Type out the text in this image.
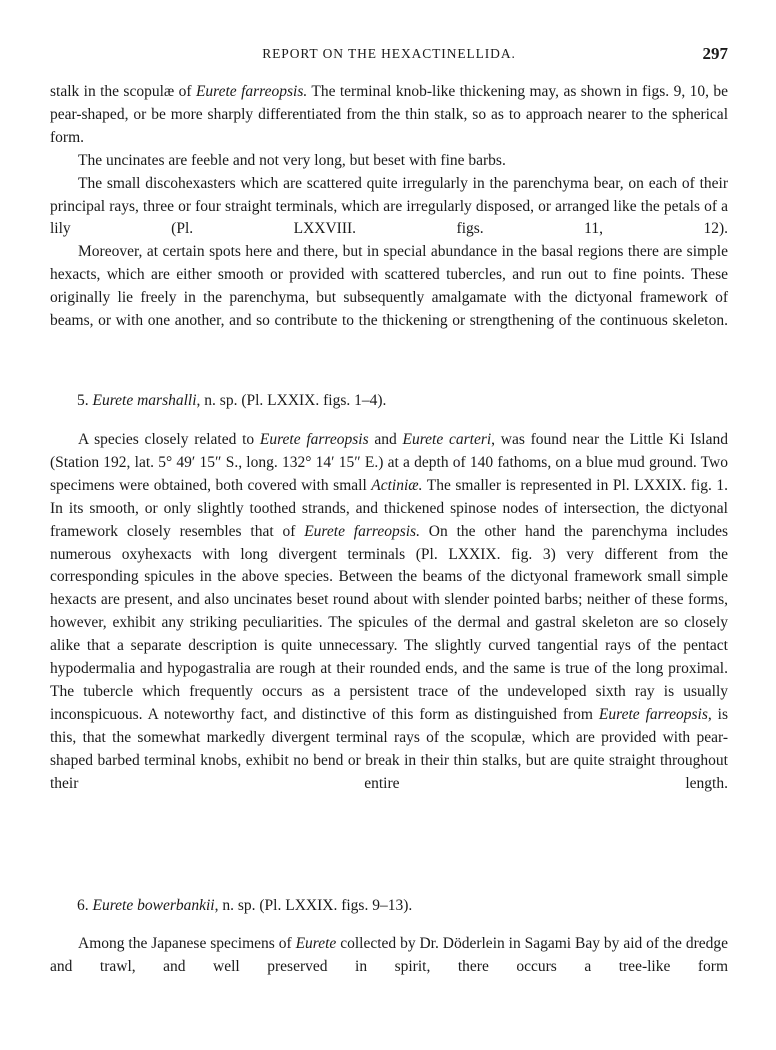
REPORT ON THE HEXACTINELLIDA.	297

stalk in the scopulæ of Eurete farreopsis. The terminal knob-like thickening may, as shown in figs. 9, 10, be pear-shaped, or be more sharply differentiated from the thin stalk, so as to approach nearer to the spherical form.

The uncinates are feeble and not very long, but beset with fine barbs.

The small discohexasters which are scattered quite irregularly in the parenchyma bear, on each of their principal rays, three or four straight terminals, which are irregularly disposed, or arranged like the petals of a lily (Pl. LXXVIII. figs. 11, 12).

Moreover, at certain spots here and there, but in special abundance in the basal regions there are simple hexacts, which are either smooth or provided with scattered tubercles, and run out to fine points. These originally lie freely in the parenchyma, but subsequently amalgamate with the dictyonal framework of beams, or with one another, and so contribute to the thickening or strengthening of the continuous skeleton.

5. Eurete marshalli, n. sp. (Pl. LXXIX. figs. 1–4).

A species closely related to Eurete farreopsis and Eurete carteri, was found near the Little Ki Island (Station 192, lat. 5° 49′ 15″ S., long. 132° 14′ 15″ E.) at a depth of 140 fathoms, on a blue mud ground. Two specimens were obtained, both covered with small Actiniæ. The smaller is represented in Pl. LXXIX. fig. 1. In its smooth, or only slightly toothed strands, and thickened spinose nodes of intersection, the dictyonal framework closely resembles that of Eurete farreopsis. On the other hand the parenchyma includes numerous oxyhexacts with long divergent terminals (Pl. LXXIX. fig. 3) very different from the corresponding spicules in the above species. Between the beams of the dictyonal framework small simple hexacts are present, and also uncinates beset round about with slender pointed barbs; neither of these forms, however, exhibit any striking peculiarities. The spicules of the dermal and gastral skeleton are so closely alike that a separate description is quite unnecessary. The slightly curved tangential rays of the pentact hypodermalia and hypogastralia are rough at their rounded ends, and the same is true of the long proximal. The tubercle which frequently occurs as a persistent trace of the undeveloped sixth ray is usually inconspicuous. A noteworthy fact, and distinctive of this form as distinguished from Eurete farreopsis, is this, that the somewhat markedly divergent terminal rays of the scopulæ, which are provided with pear-shaped barbed terminal knobs, exhibit no bend or break in their thin stalks, but are quite straight throughout their entire length.

6. Eurete bowerbankii, n. sp. (Pl. LXXIX. figs. 9–13).

Among the Japanese specimens of Eurete collected by Dr. Döderlein in Sagami Bay by aid of the dredge and trawl, and well preserved in spirit, there occurs a tree-like form
